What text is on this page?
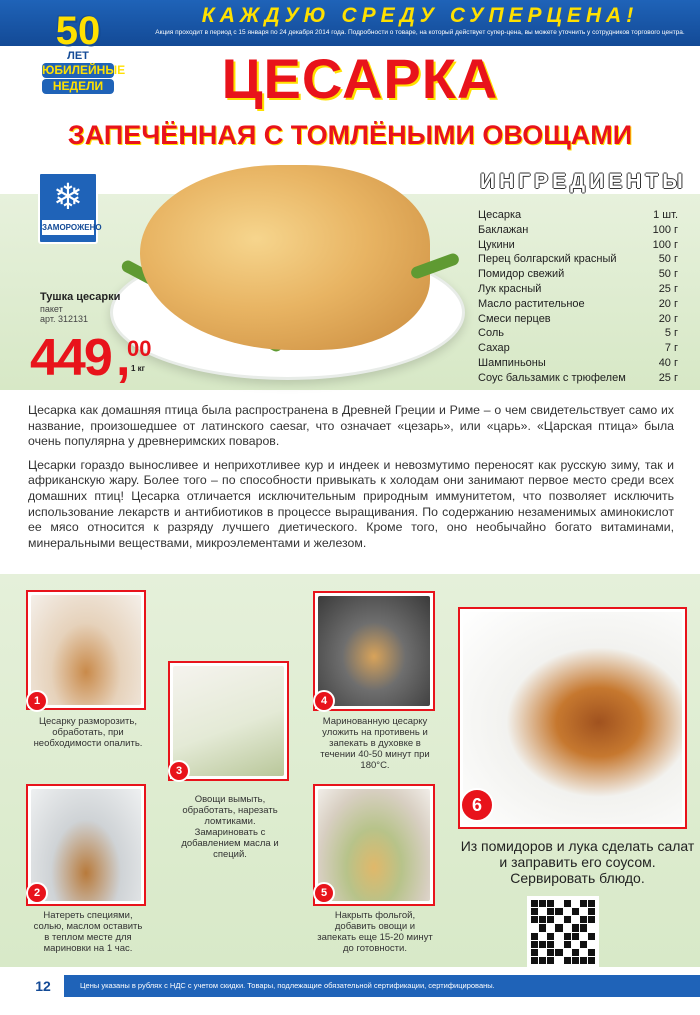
КАЖДУЮ СРЕДУ СУПЕРЦЕНА!
Акция проходит в период с 15 января по 24 декабря 2014 года. Подробности о товаре, на который действует супер-цена, вы можете уточнить у сотрудников торгового центра.
50
ЛЕТ
ЮБИЛЕЙНЫЕ
НЕДЕЛИ	ЦЕСАРКА
ЗАПЕЧЁННАЯ С ТОМЛЁНЫМИ ОВОЩАМИ
❄
ЗАМОРОЖЕНО
Тушка цесарки
пакет
арт. 312131
449 ,
00
1 кг
ИНГРЕДИЕНТЫ
Цесарка	1 шт.
Баклажан	100 г
Цукини	100 г
Перец болгарский красный	50 г
Помидор свежий	50 г
Лук красный	25 г
Масло растительное	20 г
Смеси перцев	20 г
Соль	5 г
Сахар	7 г
Шампиньоны	40 г
Соус бальзамик с трюфелем	25 г

Цесарка как домашняя птица была распространена в Древней Греции и Риме – о чем свидетельствует само их название, произошедшее от латинского caesar, что означает «цезарь», или «царь». «Царская птица» была очень популярна у древнеримских поваров.

Цесарки гораздо выносливее и неприхотливее кур и индеек и невозмутимо переносят как русскую зиму, так и африканскую жару. Более того – по способности привыкать к холодам они занимают первое место среди всех домашних птиц! Цесарка отличается исключительным природным иммунитетом, что позволяет исключить использование лекарств и антибиотиков в процессе выращивания. По содержанию незаменимых аминокислот ее мясо относится к разряду лучшего диетического. Кроме того, оно необычайно богато витаминами, минеральными веществами, микроэлементами и железом.

1
Цесарку разморозить, обработать, при необходимости опалить.
2
Натереть специями, солью, маслом оставить в теплом месте для мариновки на 1 час.
3
Овощи вымыть, обработать, нарезать ломтиками. Замариновать с добавлением масла и специй.
4
Маринованную цесарку уложить на противень и запекать в духовке в течении 40-50 минут при 180°С.
5
Накрыть фольгой, добавить овощи и запекать еще 15-20 минут до готовности.
6
Из помидоров и лука сделать салат и заправить его соусом. Сервировать блюдо.
12	Цены указаны в рублях с НДС с учетом скидки. Товары, подлежащие обязательной сертификации, сертифицированы.
